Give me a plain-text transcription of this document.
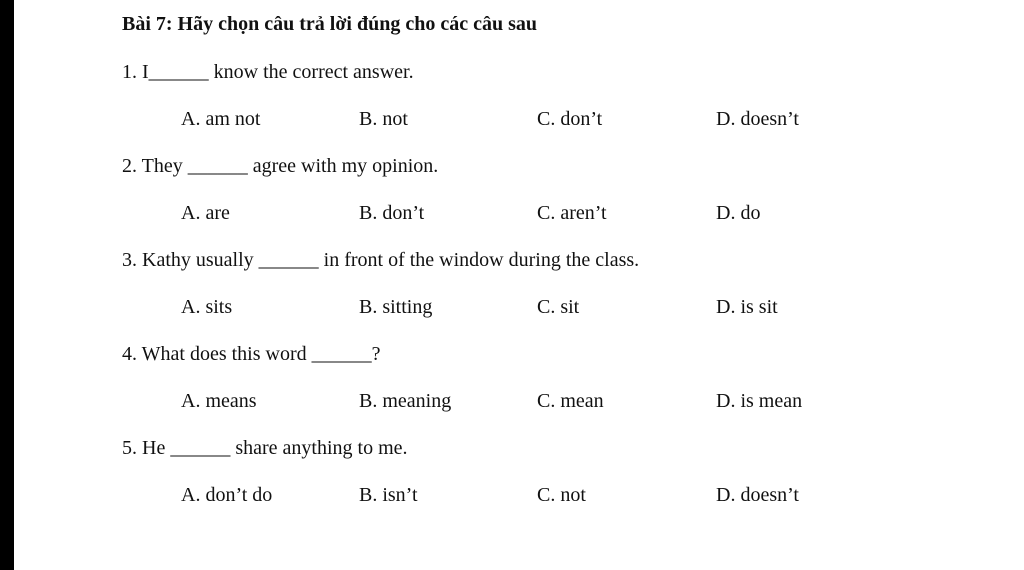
Bài 7: Hãy chọn câu trả lời đúng cho các câu sau
1. I______ know the correct answer.
A. am not	B. not	C. don’t	D. doesn’t
2. They ______ agree with my opinion.
A. are	B. don’t	C. aren’t	D. do
3. Kathy usually ______ in front of the window during the class.
A. sits	B. sitting	C. sit	D. is sit
4. What does this word ______?
A. means	B. meaning	C. mean	D. is mean
5. He ______ share anything to me.
A. don’t do	B. isn’t	C. not	D. doesn’t
